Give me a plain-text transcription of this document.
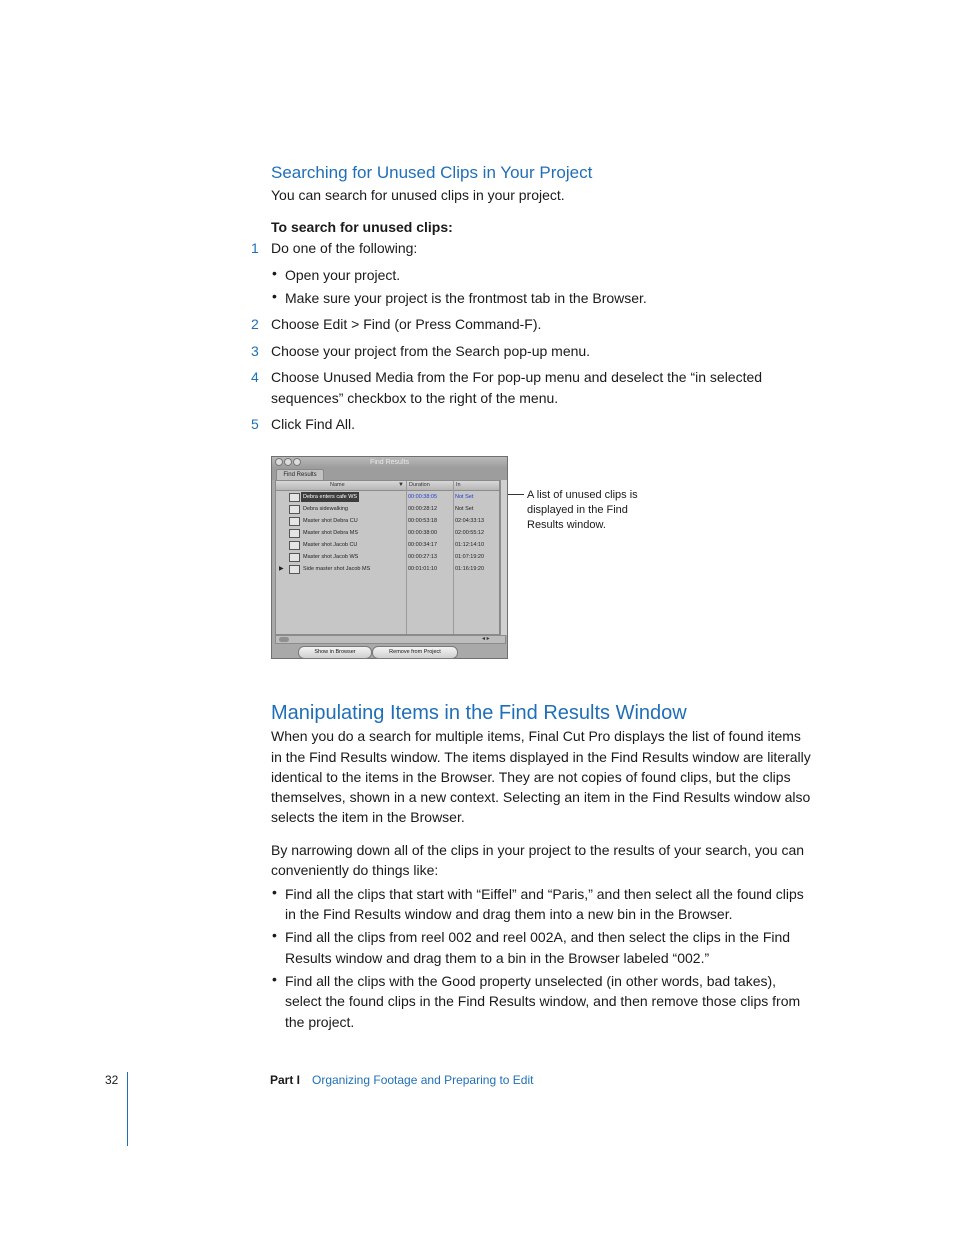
Searching for Unused Clips in Your Project
You can search for unused clips in your project.
To search for unused clips:
1 Do one of the following:
• Open your project.
• Make sure your project is the frontmost tab in the Browser.
2 Choose Edit > Find (or Press Command-F).
3 Choose your project from the Search pop-up menu.
4 Choose Unused Media from the For pop-up menu and deselect the “in selected
sequences” checkbox to the right of the menu.
5 Click Find All.
Find Results
Find Results
Name	▼ Duration	In
Debra enters cafe WS	00:00:38:05	Not Set
Debra sidewalking	00:00:28:12	Not Set
Master shot Debra CU	00:00:53:18	02:04:33:13
Master shot Debra MS	00:00:38:00	02:00:55:12
Master shot Jacob CU	00:00:34:17	01:12:14:10
Master shot Jacob WS	00:00:27:13	01:07:19:20
▶	Side master shot Jacob MS	00:01:01:10	01:16:19:20
◂ ▸
Show in Browser	Remove from Project
A list of unused clips is
displayed in the Find
Results window.
Manipulating Items in the Find Results Window
When you do a search for multiple items, Final Cut Pro displays the list of found items
in the Find Results window. The items displayed in the Find Results window are literally
identical to the items in the Browser. They are not copies of found clips, but the clips
themselves, shown in a new context. Selecting an item in the Find Results window also
selects the item in the Browser.
By narrowing down all of the clips in your project to the results of your search, you can
conveniently do things like:
• Find all the clips that start with “Eiffel” and “Paris,” and then select all the found clips
in the Find Results window and drag them into a new bin in the Browser.
• Find all the clips from reel 002 and reel 002A, and then select the clips in the Find
Results window and drag them to a bin in the Browser labeled “002.”
• Find all the clips with the Good property unselected (in other words, bad takes),
select the found clips in the Find Results window, and then remove those clips from
the project.
32	Part I Organizing Footage and Preparing to Edit
